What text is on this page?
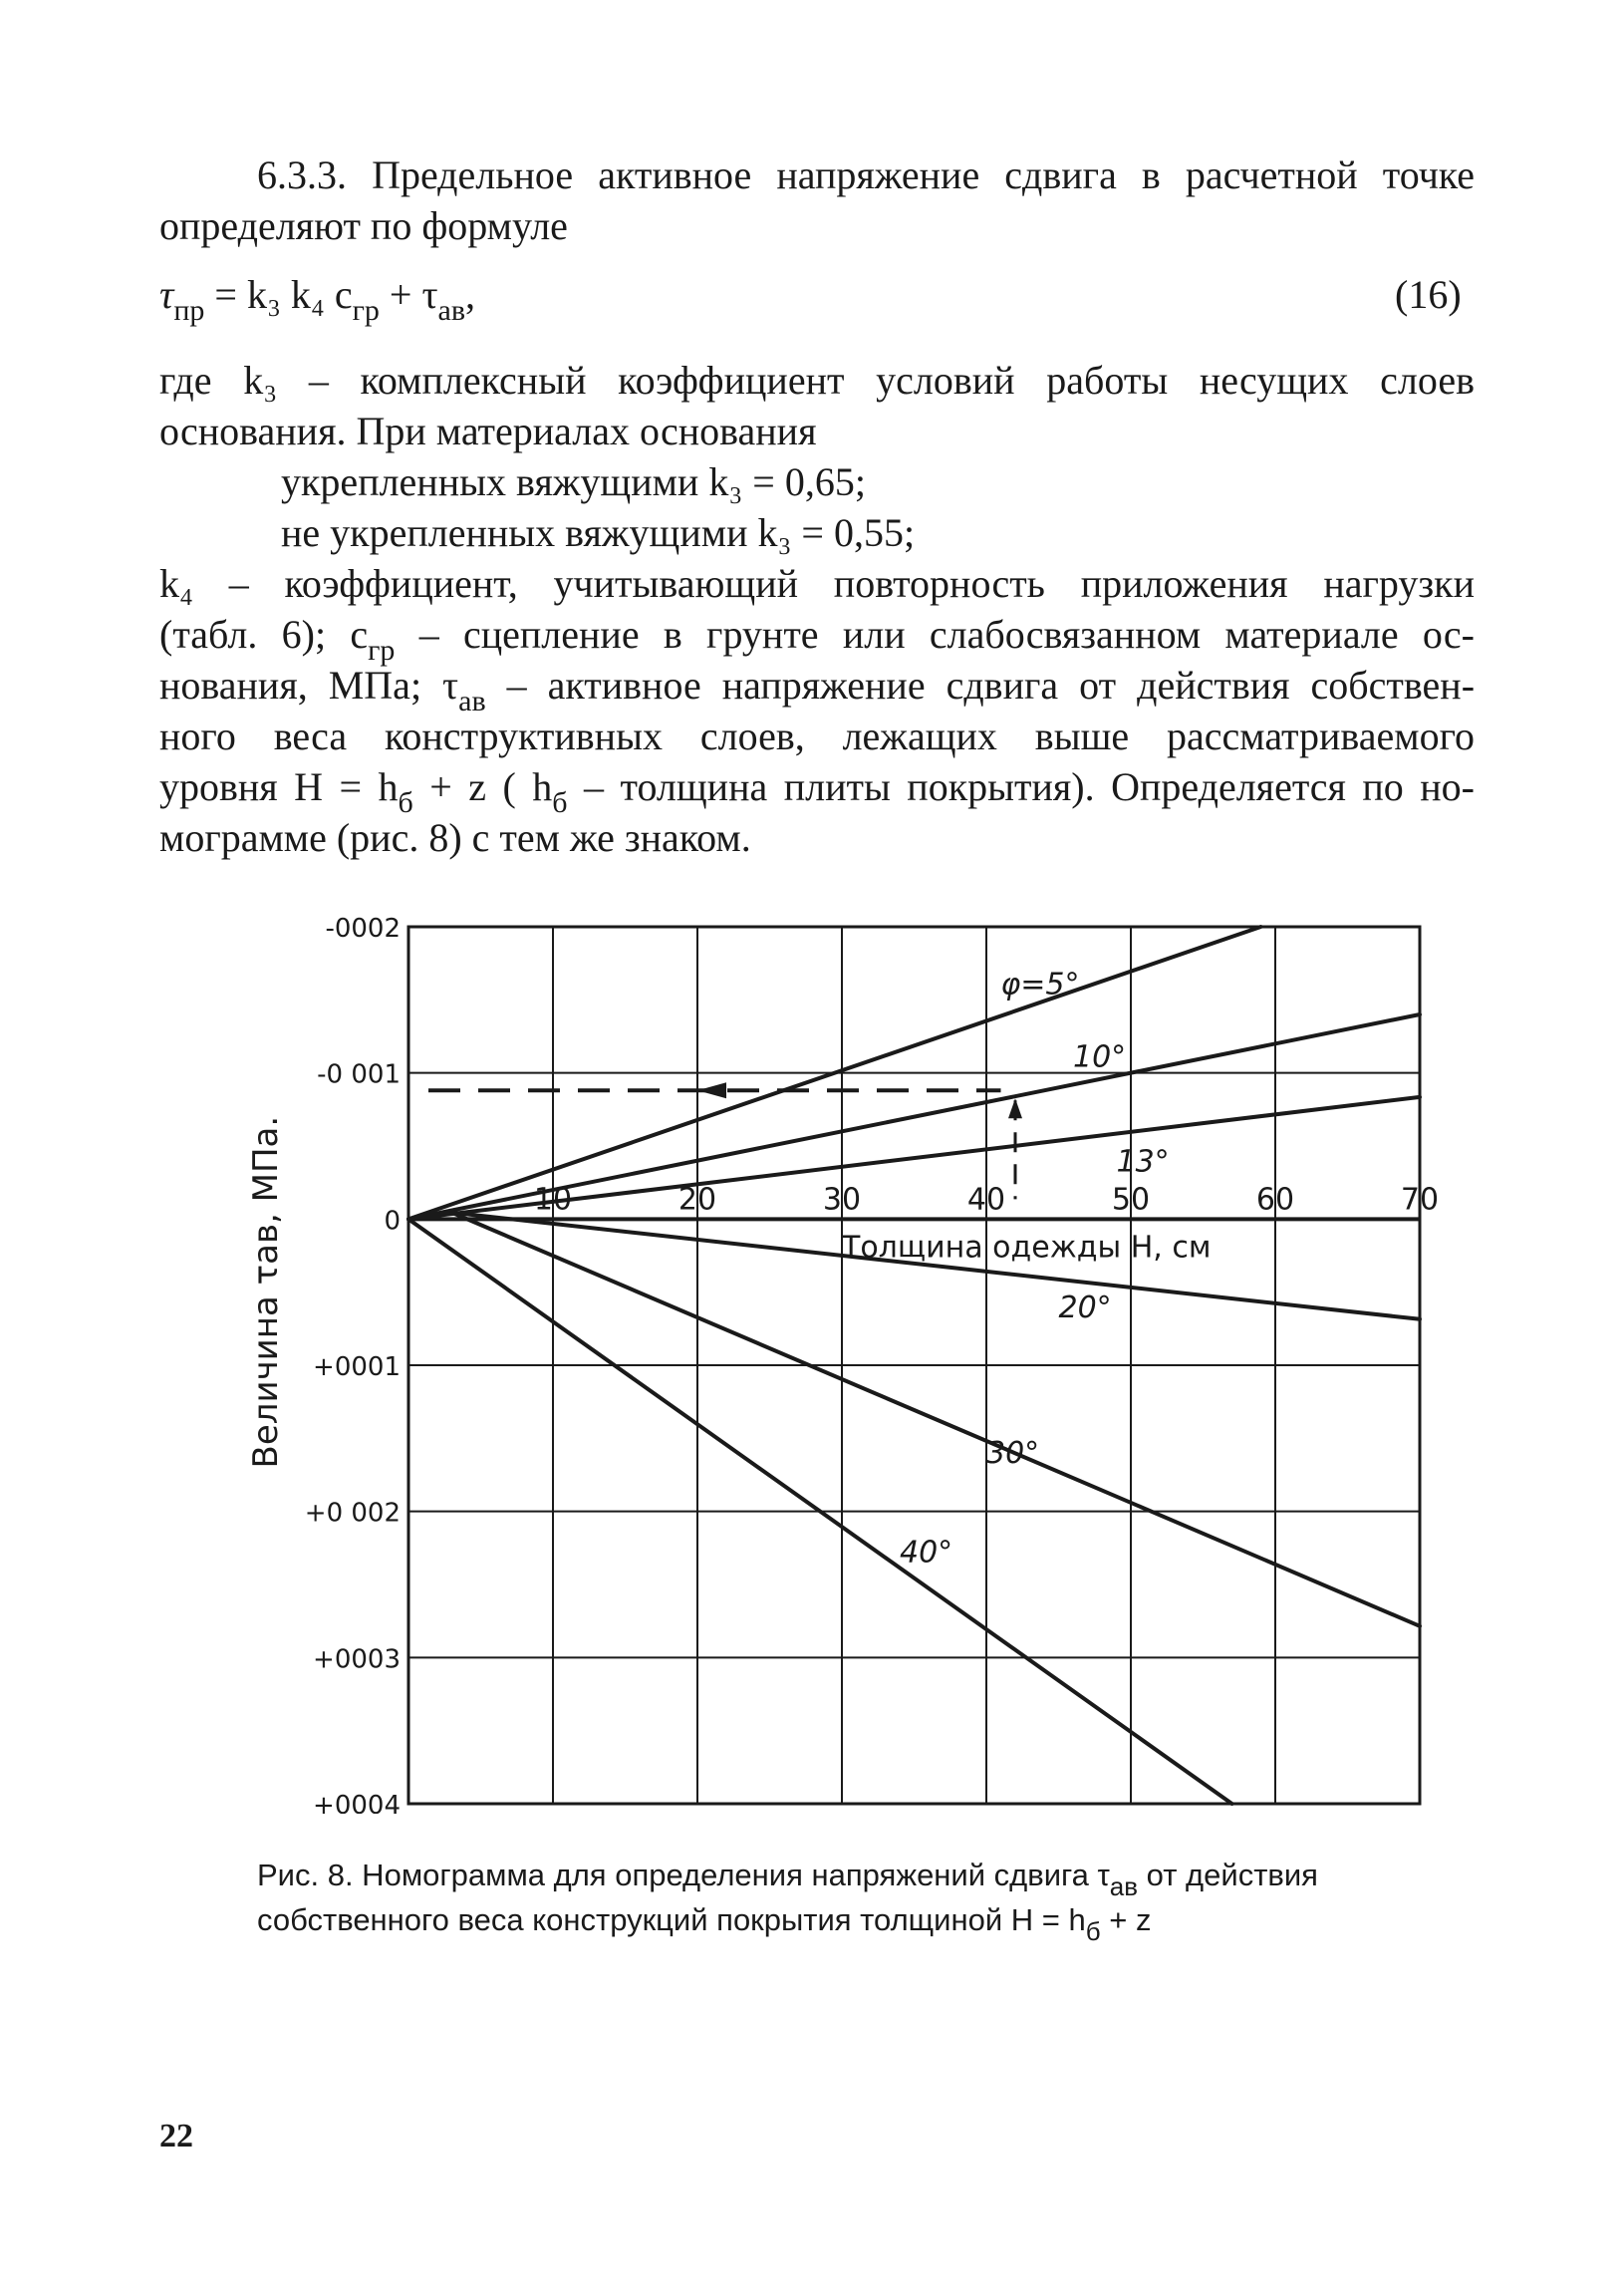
6.3.3. Предельное активное напряжение сдвига в расчетной точке
определяют по формуле
$\tau_{пр} = k_3$ k₄ $c_{гр} + \tau_{ав}$,	(16)
где k₃ – комплексный коэффициент условий работы несущих слоев
основания. При материалах основания
укрепленных вяжущими k₃ = 0,65;
не укрепленных вяжущими k₃ = 0,55;
k₄ – коэффициент, учитывающий повторность приложения нагрузки
(табл. 6); $c_{гр}$ – сцепление в грунте или слабосвязанном материале ос-
нования, МПа; $\tau_{ав}$ – активное напряжение сдвига от действия собствен-
ного веса конструктивных слоев, лежащих выше рассматриваемого
уровня $H = h_б + z$ ( $h_б$ – толщина плиты покрытия). Определяется по но-
мограмме (рис. 8) с тем же знаком.
-0002
-0 001
0
+0001
+0 002
+0003
+0004
10	20	30	40	50	60	70
φ=5°
10°
13°
20°
30°
40°
Толщина одежды H, см
Величина τав, МПа.
Рис. 8. Номограмма для определения напряжений сдвига $\tau_{ав}$ от действия
собственного веса конструкций покрытия толщиной $H = h_б + z$
22
